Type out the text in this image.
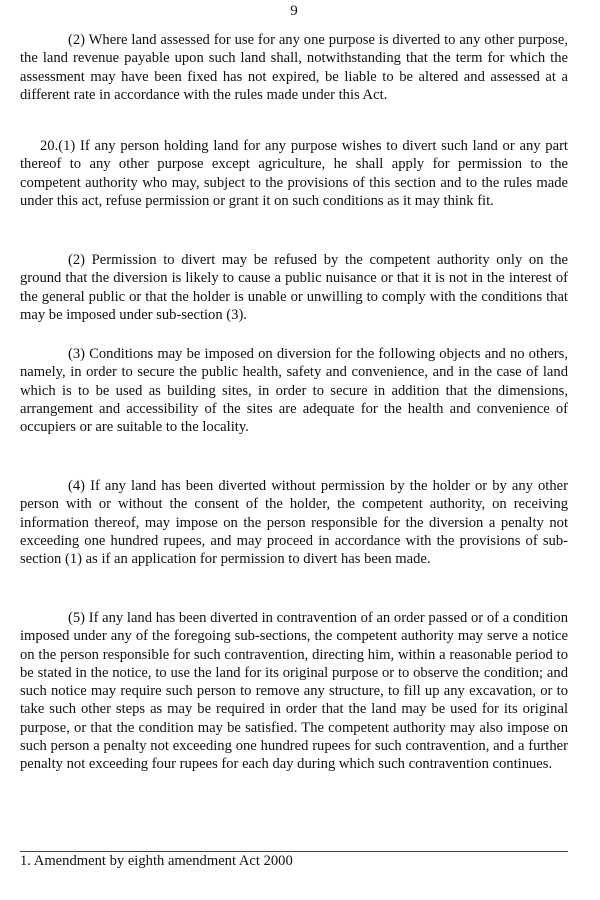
9

(2) Where land assessed for use for any one purpose is diverted to any other purpose, the land revenue payable upon such land shall, notwithstanding that the term for which the assessment may have been fixed has not expired, be liable to be altered and assessed at a different rate in accordance with the rules made under this Act.

20.(1) If any person holding land for any purpose wishes to divert such land or any part thereof to any other purpose except agriculture, he shall apply for permission to the competent authority who may, subject to the provisions of this section and to the rules made under this act, refuse permission or grant it on such conditions as it may think fit.

(2) Permission to divert may be refused by the competent authority only on the ground that the diversion is likely to cause a public nuisance or that it is not in the interest of the general public or that the holder is unable or unwilling to comply with the conditions that may be imposed under sub-section (3).

(3) Conditions may be imposed on diversion for the following objects and no others, namely, in order to secure the public health, safety and convenience, and in the case of land which is to be used as building sites, in order to secure in addition that the dimensions, arrangement and accessibility of the sites are adequate for the health and convenience of occupiers or are suitable to the locality.

(4) If any land has been diverted without permission by the holder or by any other person with or without the consent of the holder, the competent authority, on receiving information thereof, may impose on the person responsible for the diversion a penalty not exceeding one hundred rupees, and may proceed in accordance with the provisions of sub-section (1) as if an application for permission to divert has been made.

(5) If any land has been diverted in contravention of an order passed or of a condition imposed under any of the foregoing sub-sections, the competent authority may serve a notice on the person responsible for such contravention, directing him, within a reasonable period to be stated in the notice, to use the land for its original purpose or to observe the condition; and such notice may require such person to remove any structure, to fill up any excavation, or to take such other steps as may be required in order that the land may be used for its original purpose, or that the condition may be satisfied. The competent authority may also impose on such person a penalty not exceeding one hundred rupees for such contravention, and a further penalty not exceeding four rupees for each day during which such contravention continues.

1. Amendment by eighth amendment Act 2000
